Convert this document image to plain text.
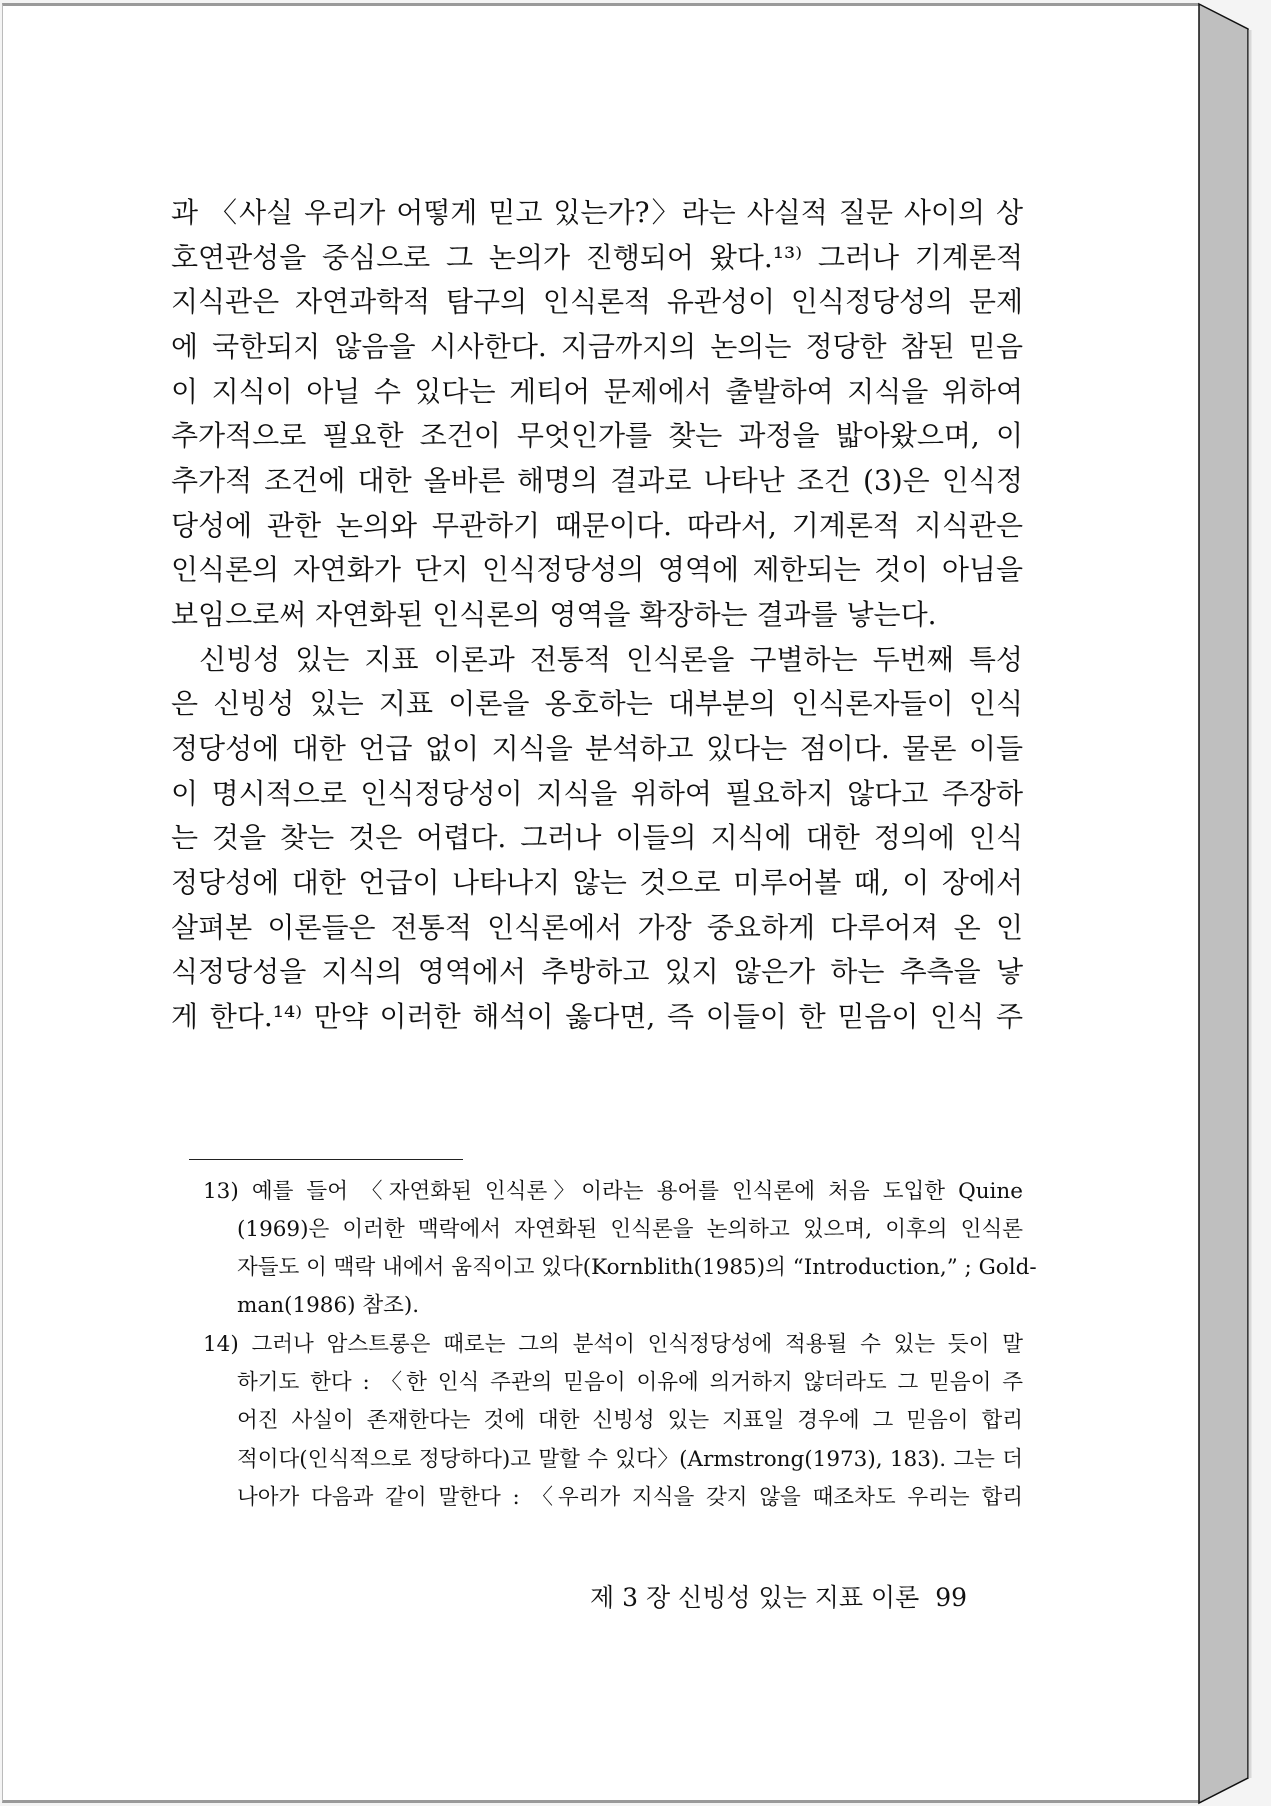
과 〈사실 우리가 어떻게 믿고 있는가?〉라는 사실적 질문 사이의 상
호연관성을 중심으로 그 논의가 진행되어 왔다.¹³⁾ 그러나 기계론적
지식관은 자연과학적 탐구의 인식론적 유관성이 인식정당성의 문제
에 국한되지 않음을 시사한다. 지금까지의 논의는 정당한 참된 믿음
이 지식이 아닐 수 있다는 게티어 문제에서 출발하여 지식을 위하여
추가적으로 필요한 조건이 무엇인가를 찾는 과정을 밟아왔으며, 이
추가적 조건에 대한 올바른 해명의 결과로 나타난 조건 (3)은 인식정
당성에 관한 논의와 무관하기 때문이다. 따라서, 기계론적 지식관은
인식론의 자연화가 단지 인식정당성의 영역에 제한되는 것이 아님을
보임으로써 자연화된 인식론의 영역을 확장하는 결과를 낳는다.
신빙성 있는 지표 이론과 전통적 인식론을 구별하는 두번째 특성
은 신빙성 있는 지표 이론을 옹호하는 대부분의 인식론자들이 인식
정당성에 대한 언급 없이 지식을 분석하고 있다는 점이다. 물론 이들
이 명시적으로 인식정당성이 지식을 위하여 필요하지 않다고 주장하
는 것을 찾는 것은 어렵다. 그러나 이들의 지식에 대한 정의에 인식
정당성에 대한 언급이 나타나지 않는 것으로 미루어볼 때, 이 장에서
살펴본 이론들은 전통적 인식론에서 가장 중요하게 다루어져 온 인
식정당성을 지식의 영역에서 추방하고 있지 않은가 하는 추측을 낳
게 한다.¹⁴⁾ 만약 이러한 해석이 옳다면, 즉 이들이 한 믿음이 인식 주
13) 예를 들어 〈자연화된 인식론〉이라는 용어를 인식론에 처음 도입한 Quine
(1969)은 이러한 맥락에서 자연화된 인식론을 논의하고 있으며, 이후의 인식론
자들도 이 맥락 내에서 움직이고 있다(Kornblith(1985)의 “Introduction,” ; Gold-
man(1986) 참조).
14) 그러나 암스트롱은 때로는 그의 분석이 인식정당성에 적용될 수 있는 듯이 말
하기도 한다 : 〈한 인식 주관의 믿음이 이유에 의거하지 않더라도 그 믿음이 주
어진 사실이 존재한다는 것에 대한 신빙성 있는 지표일 경우에 그 믿음이 합리
적이다(인식적으로 정당하다)고 말할 수 있다〉(Armstrong(1973), 183). 그는 더
나아가 다음과 같이 말한다 : 〈우리가 지식을 갖지 않을 때조차도 우리는 합리
제 3 장 신빙성 있는 지표 이론 99
